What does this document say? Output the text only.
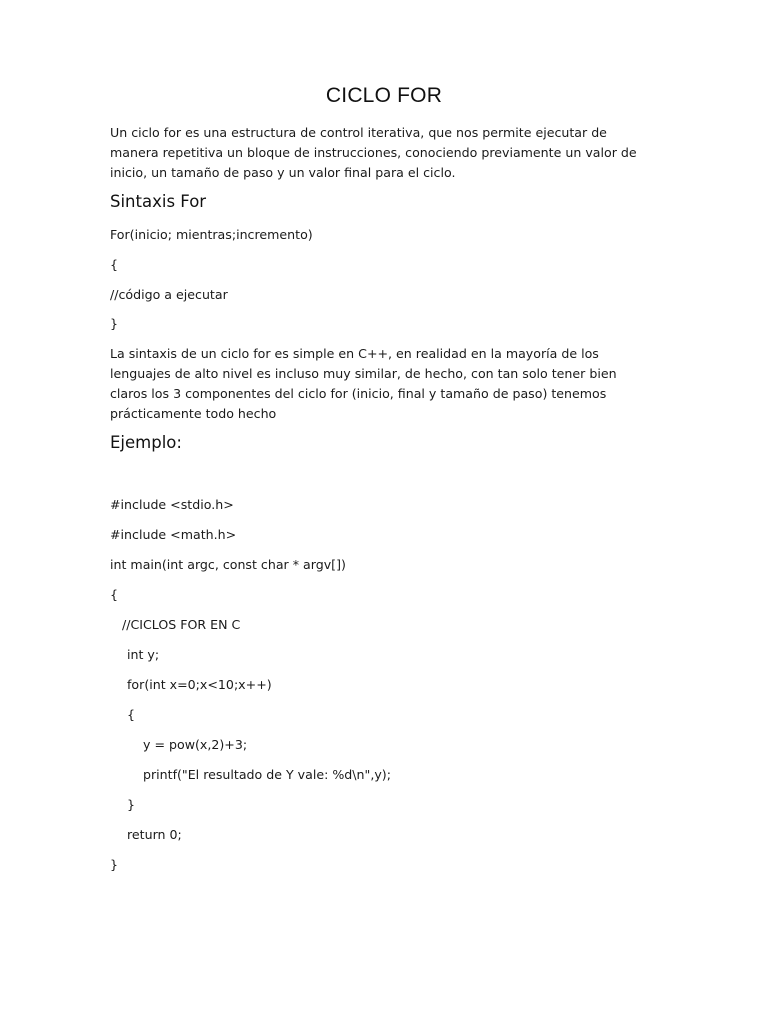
CICLO FOR
Un ciclo for es una estructura de control iterativa, que nos permite ejecutar de
manera repetitiva un bloque de instrucciones, conociendo previamente un valor de
inicio, un tamaño de paso y un valor final para el ciclo.
Sintaxis For
For(inicio; mientras;incremento)
{
//código a ejecutar
}
La sintaxis de un ciclo for es simple en C++, en realidad en la mayoría de los
lenguajes de alto nivel es incluso muy similar, de hecho, con tan solo tener bien
claros los 3 componentes del ciclo for (inicio, final y tamaño de paso) tenemos
prácticamente todo hecho
Ejemplo:
#include <stdio.h>
#include <math.h>
int main(int argc, const char * argv[])
{
//CICLOS FOR EN C
int y;
for(int x=0;x<10;x++)
{
y = pow(x,2)+3;
printf("El resultado de Y vale: %d\n",y);
}
return 0;
}
